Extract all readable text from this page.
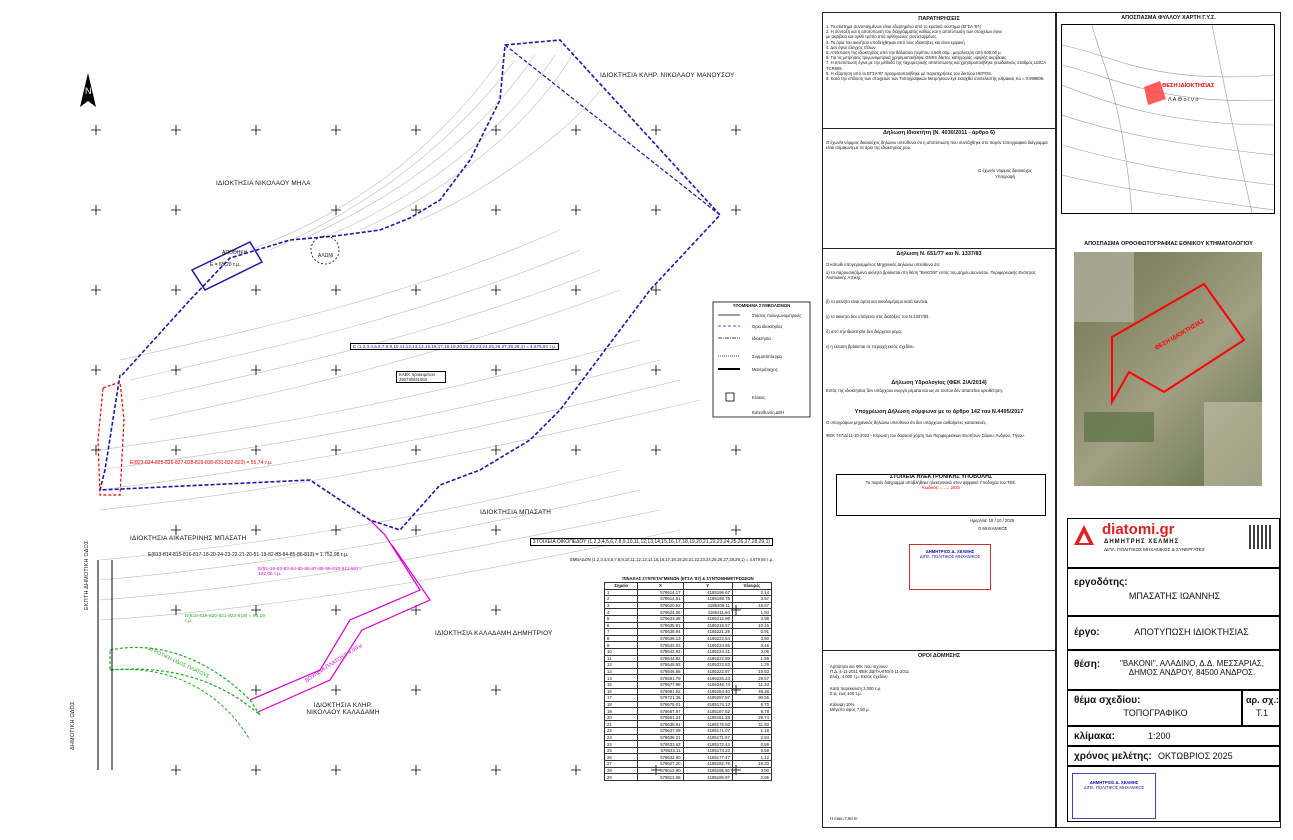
N
ΙΔΙΟΚΤΗΣΙΑ ΚΛΗΡ. ΝΙΚΟΛΑΟΥ ΜΑΝΟΥΣΟΥ
ΙΔΙΟΚΤΗΣΙΑ ΝΙΚΟΛΑΟΥ ΜΗΛΑ
ΙΔΙΟΚΤΗΣΙΑ ΜΠΑΣΑΤΗ
ΙΔΙΟΚΤΗΣΙΑ ΑΙΚΑΤΕΡΙΝΗΣ ΜΠΑΣΑΤΗ
ΙΔΙΟΚΤΗΣΙΑ ΚΑΛΑΔΑΜΗ ΔΗΜΗΤΡΙΟΥ
ΙΔΙΟΚΤΗΣΙΑ ΚΛΗΡ. ΝΙΚΟΛΑΟΥ ΚΑΛΑΔΑΜΗ
ΔΗΜΟΤΙΚΗ ΟΔΟΣ
ΕΚΠΤΗ ΔΗΜΟΤΙΚΗ ΟΔΟΣ
ΑΠΟΘΗΚΗ
Ε = 65,20 τ.μ.
ΑΛΩΝΙ
Ε (1,2,3,4,5,6,7,8,9,10,11,12,13,14,15,16,17,18,19,20,21,22,23,24,25,26,27,28,29,1) = 4.679,94 τ.μ.
ΚΑΕΚ προκειμένου 250730031003
Ε(823-824-825-826-827-828-829-830-831-832-823) = 55,74 τ.μ.
Ε(813-814-815-816-817-18-20-24-23-22-21-20-51-19-82-83-84-85-86-813) = 1.752,98 τ.μ.
Ε(51-19-82-83-84-85-86-87-88-89-810-811-51) = 132,06 τ.μ.
Ε(818-819-820-821-822-818) = 96,19 τ.μ.
ΔΟΥΛΕΙΑ ΠΛΑΤΟΥΣ 4,00 μ.
ΑΓΡΟΤΙΚΗ ΟΔΟΣ ΠΛΑΤΟΥΣ
ΥΠΟΜΝΗΜΑ ΣΥΜΒΟΛΙΣΜΩΝ
Στάσεις πολυγωνομετρικές
Όριο ιδιοκτησίας
Ιδιοκτησία
Συρματόπλεγμα
Μαντρότοιχος
Κλίσεις
Κατεύθυνση ΔΕΗ
ΣΤΟΙΧΕΙΑ ΟΙΚΟΠΕΔΟΥ (1,2,3,4,5,6,7,8,9,10,11,12,13,14,15,16,17,18,19,20,21,22,23,24,25,26,27,28,29,1)
ΕΜΒΑΔΟΝ (1,2,3,4,5,6,7,8,9,10,11,12,13,14,15,16,17,18,19,20,21,22,23,24,25,26,27,28,29,1) = 4.679,94 τ.μ.
ΠΙΝΑΚΑΣ ΣΥΝΤΕΤΑΓΜΕΝΩΝ (ΕΓΣΑ '87) & ΣΥΝΤΟΜΗΜΕΤΡΩΣΕΩΝ
Σημείο	X	Y	πλευρές
1	578614.17	4185196.67	2.14
2	578614.51	4185198.78	3.57
3	578620.62	4185206.11	18.67
4	578624.05	4185211.84	1.93
5	578633.28	4185212.98	3.98
6	578635.91	4185216.57	10.15
7	578638.94	4185221.29	0.91
8	578639.13	4185222.54	3.80
9	578642.03	4185224.55	0.45
10	578642.93	4185224.31	3.06
11	578644.82	4185222.99	1.59
12	578645.93	4185222.83	1.29
13	578646.58	4185222.97	19.63
14	578661.79	4185226.24	29.57
15	578677.98	4185246.74	11.33
16	578681.52	4185254.40	46.28
17	578721.36	4185267.57	90.55
18	578675.01	4185174.13	9.70
19	578667.97	4185167.52	9.78
20	578661.24	4185161.28	28.74
21	578638.91	4185178.93	11.83
22	578637.09	4185171.07	1.18
23	578636.21	4185171.67	2.84
24	578633.62	4185172.44	0.59
25	578633.11	4185173.23	0.58
26	578632.80	4185177.47	1.12
27	578627.20	4185182.79	19.33
28	578612.90	4185195.50	3.90
29	578613.68	4185196.97	2.65
ΠΑΡΑΤΗΡΗΣΕΙΣ
1. Το σύστημα συντεταγμένων είναι εξαρτημένο από το κρατικό σύστημα (ΕΓΣΑ '87)
2. Η σύνταξη και η αποτύπωση του διαγράμματος καθώς και η αποτύπωση των στοιχείων έγινε
με ακρίβεια και ορθό τρόπο από ορθόγωνιες συντεταγμένες.
3. Τα όρια του ακινήτου υποδείχθηκαν από τους ιδιοκτήτες και είναι εμφανή.
4. Δεν έγινε έλεγχος τίτλων.
5. Απόσταση της ιδιοκτησίας από την θάλασσα περίπου 4.500,00μ., μεγαλύτερη από 500,00 μ.
6. Για τις μετρήσεις τριγωνομετρικά χρησιμοποιήθηκε GNSS δέκτης κατηγορίας υψηλής ακρίβειας.
7. Η αποτύπωση έγινε με την μέθοδο της ταχυμετρικής αποτύπωσης και χρησιμοποιήθηκε γεωδαιτικός σταθμός LEICA TCR805.
8. Η εξάρτηση από το ΕΓΣΑ'87 πραγματοποιήθηκε με παρατηρήσεις του δικτύου HEPOS.
9. Κατά την επίλυση των στοιχείων των Τοπογραφικών Μετρήσεων έγε εισαχθεί συντελεστής κλίμακας Κο = 0.999808.
Δήλωση Ιδιοκτήτη (Ν. 4030/2011 - άρθρο 6)
Ο έχων/ο νόμιμος δικαιούχος δηλώνω υπεύθυνα ότι η αποτύπωση που συντάχθηκε στο παρόν τοπογραφικό διάγραμμα είναι σύμφωνη με τα όρια της ιδιοκτησίας μου.
Ο έχων/ο νόμιμος δικαιούχος
Υπογραφή
Δήλωση Ν. 651/77 και Ν. 1337/83
Ο κάτωθι υπογεγραμμένος Μηχανικός Δηλώνω υπεύθυνα ότι:
α) το παρουσιαζόμενο ακίνητο βρίσκεται στη θέση "ΒΑΚΟΝΙ" εντός του Δήμου Διονύσου, Περιφερειακής Ενότητας Ανατολικής Αττικής.
β) το ακίνητο είναι άρτιο και οικοδομήσιμο κατά κανόνα.
γ) το ακίνητο δεν υπάγεται στις διατάξεις του Ν.1337/83.
δ) από την ιδιοκτησία δεν διέρχεται ρέμα.
ε) η έκταση βρίσκεται σε περιοχή εκτός σχεδίου.
Δήλωση Υδρολογίας (ΦΕΚ 2/Α/2014)
Εντός της ιδιοκτησίας δεν υπάρχουν ενεργά ρέματα και ως εκ τούτου δεν απαιτείται οριοθέτηση.
Υποχρέωση Δήλωση σύμφωνα με το άρθρο 142 του Ν.4495/2017
Ο υπογράφων μηχανικός δηλώνω υπεύθυνα ότι δεν υπάρχουν αυθαίρετες κατασκευές.
ΦΕΚ 747/Δ/11-10-2022 - Κύρωση του δασικού χάρτη των Περιφερειακών Ενοτήτων Σάρου, Άνδρου, Τήνου.
ΣΤΟΙΧΕΙΑ ΗΛΕΚΤΡΟΝΙΚΗΣ ΥΠΟΒΟΛΗΣ
Το παρόν διάγραμμα υποβλήθηκε ηλεκτρονικά στον ψηφιακό Υποδοχέα του ΤΕΕ.
Κωδικός: ........ 2025
Ημερ/νία: 18 / 10 / 2025
Ο ΜΗΧΑΝΙΚΟΣ
ΔΗΜΗΤΡΙΟΣ Δ. ΧΕΛΜΗΣ
ΔΙΠΛ. ΠΟΛΙΤΙΚΟΣ ΜΗΧΑΝΙΚΟΣ
ΟΡΟΙ ΔΟΜΗΣΗΣ
Αρτιότητα και Φ/Κ που ισχύουν
Π.Δ. 4-11-2011 ΦΕΚ 2Β/ΤΑΑΠΘ/4-11-2011
Ελάχ. 4.000 τ.μ. Εκτός σχεδίου
Κατά παρέκκλιση 2.000 τ.μ.
Σ.Δ. έως 100 τ.μ.
Κάλυψη 10%
Μέγιστο ύψος 7,50 μ.
H max=7,50 m
ΑΠΟΣΠΑΣΜΑ ΦΥΛΛΟΥ ΧΑΡΤΗ Γ.Υ.Σ.
ΘΕΣΗ ΙΔΙΟΚΤΗΣΙΑΣ
Λ Α Θ ο ι ν ο
ΑΠΟΣΠΑΣΜΑ ΟΡΘΟΦΩΤΟΓΡΑΦΙΑΣ ΕΘΝΙΚΟΥ ΚΤΗΜΑΤΟΛΟΓΙΟΥ
ΘΕΣΗ ΙΔΙΟΚΤΗΣΙΑΣ
diatomi.gr
ΔΗΜΗΤΡΗΣ ΧΕΛΜΗΣ
ΔΙΠΛ. ΠΟΛΙΤΙΚΟΣ ΜΗΧΑΝΙΚΟΣ & ΣΥΝΕΡΓΑΤΕΣ
εργοδότης:
ΜΠΑΣΑΤΗΣ ΙΩΑΝΝΗΣ
έργο:	ΑΠΟΤΥΠΩΣΗ ΙΔΙΟΚΤΗΣΙΑΣ
θέση:	"ΒΑΚΟΝΙ", ΑΛΑΔΙΝΟ, Δ.Δ. ΜΕΣΣΑΡΙΑΣ, ΔΗΜΟΣ ΑΝΔΡΟΥ, 84500 ΑΝΔΡΟΣ.
θέμα σχεδίου:
ΤΟΠΟΓΡΑΦΙΚΟ
αρ. σχ.:
Τ.1
κλίμακα:	1:200
χρόνος μελέτης: ΟΚΤΩΒΡΙΟΣ 2025
ΔΗΜΗΤΡΙΟΣ Δ. ΧΕΛΜΗΣ
ΔΙΠΛ. ΠΟΛΙΤΙΚΟΣ ΜΗΧΑΝΙΚΟΣ
